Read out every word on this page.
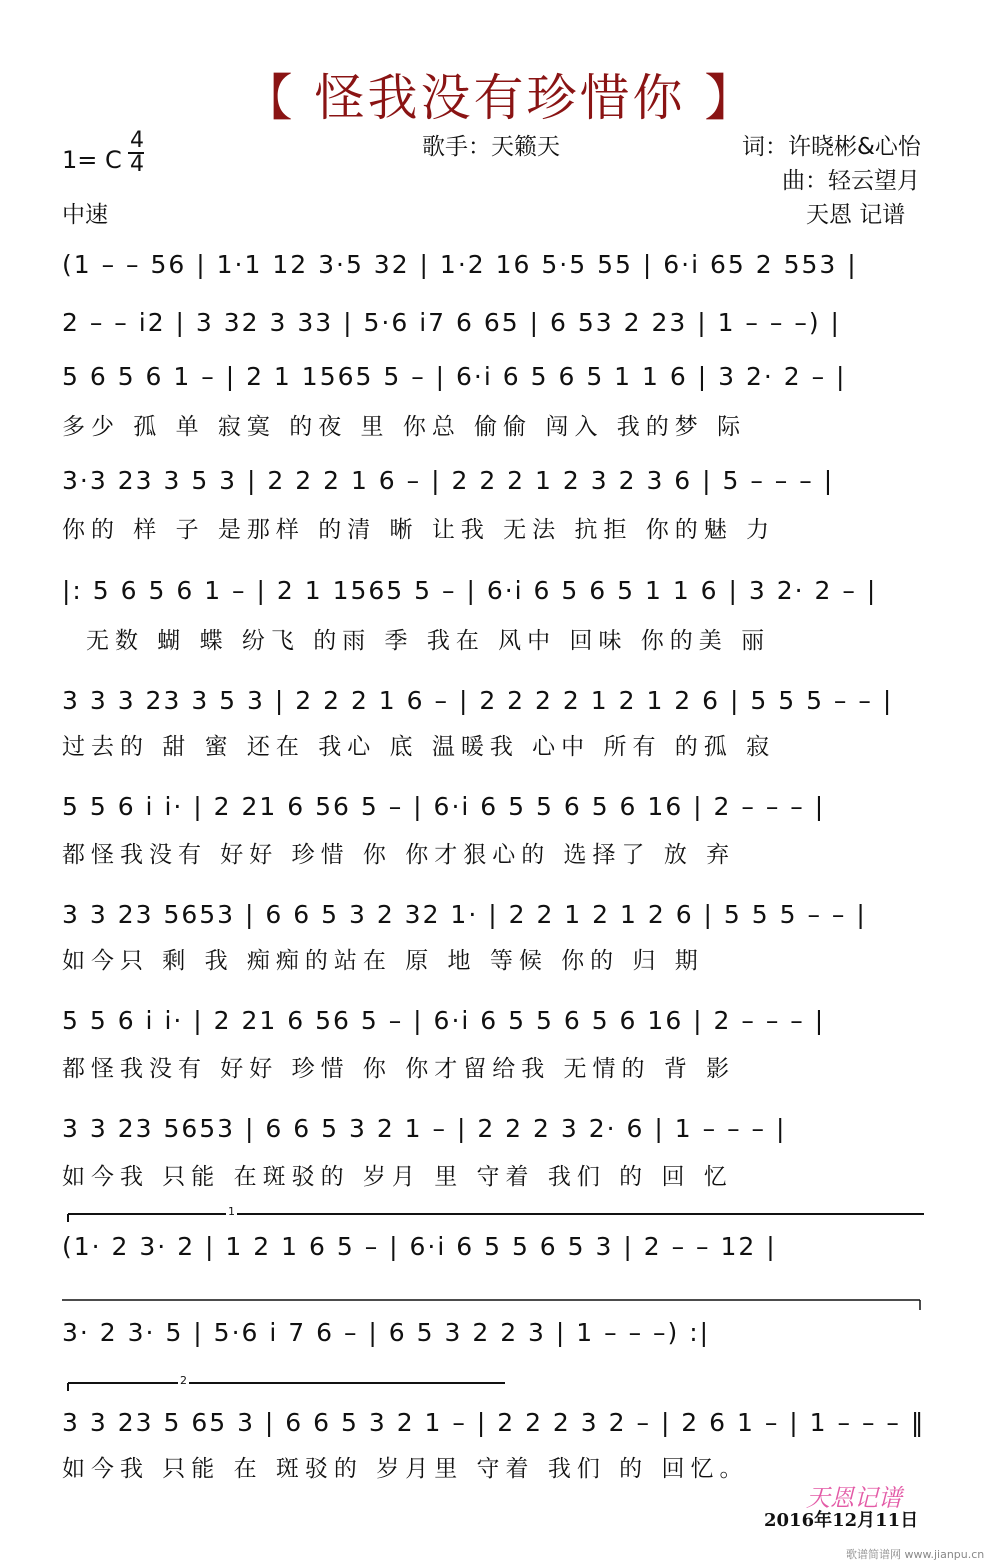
【 怪我没有珍惜你 】
1= C
4
4
中速
歌手：天籁天	词：许晓彬&心怡
曲：轻云望月
天恩 记谱
1
2
(1 – – 56 | 1·1 12 3·5 32 | 1·2 16 5·5 55 | 6·i 65 2 553 |
2 – – i2 | 3 32 3 33 | 5·6 i7 6 65 | 6 53 2 23 | 1 – – –) |
5 6 5 6 1 – | 2 1 1565 5 – | 6·i 6 5 6 5 1 1 6 | 3 2· 2 – |
多少 孤 单 寂寞 的夜 里 你总 偷偷 闯入 我的梦 际
3·3 23 3 5 3 | 2 2 2 1 6 – | 2 2 2 1 2 3 2 3 6 | 5 – – – |
你的 样 子 是那样 的清 晰 让我 无法 抗拒 你的魅 力
|: 5 6 5 6 1 – | 2 1 1565 5 – | 6·i 6 5 6 5 1 1 6 | 3 2· 2 – |
无数 蝴 蝶 纷飞 的雨 季 我在 风中 回味 你的美 丽
3 3 3 23 3 5 3 | 2 2 2 1 6 – | 2 2 2 2 1 2 1 2 6 | 5 5 5 – – |
过去的 甜 蜜 还在 我心 底 温暖我 心中 所有 的孤 寂
5 5 6 i i· | 2 21 6 56 5 – | 6·i 6 5 5 6 5 6 16 | 2 – – – |
都怪我没有 好好 珍惜 你 你才狠心的 选择了 放 弃
3 3 23 5653 | 6 6 5 3 2 32 1· | 2 2 1 2 1 2 6 | 5 5 5 – – |
如今只 剩 我 痴痴的站在 原 地 等候 你的 归 期
5 5 6 i i· | 2 21 6 56 5 – | 6·i 6 5 5 6 5 6 16 | 2 – – – |
都怪我没有 好好 珍惜 你 你才留给我 无情的 背 影
3 3 23 5653 | 6 6 5 3 2 1 – | 2 2 2 3 2· 6 | 1 – – – |
如今我 只能 在斑驳的 岁月 里 守着 我们 的 回 忆
(1· 2 3· 2 | 1 2 1 6 5 – | 6·i 6 5 5 6 5 3 | 2 – – 12 |
3· 2 3· 5 | 5·6 i 7 6 – | 6 5 3 2 2 3 | 1 – – –) :|
3 3 23 5 65 3 | 6 6 5 3 2 1 – | 2 2 2 3 2 – | 2 6 1 – | 1 – – – ‖
如今我 只能 在 斑驳的 岁月里 守着 我们 的 回忆。
天恩记谱
2016年12月11日
歌谱简谱网 www.jianpu.cn
